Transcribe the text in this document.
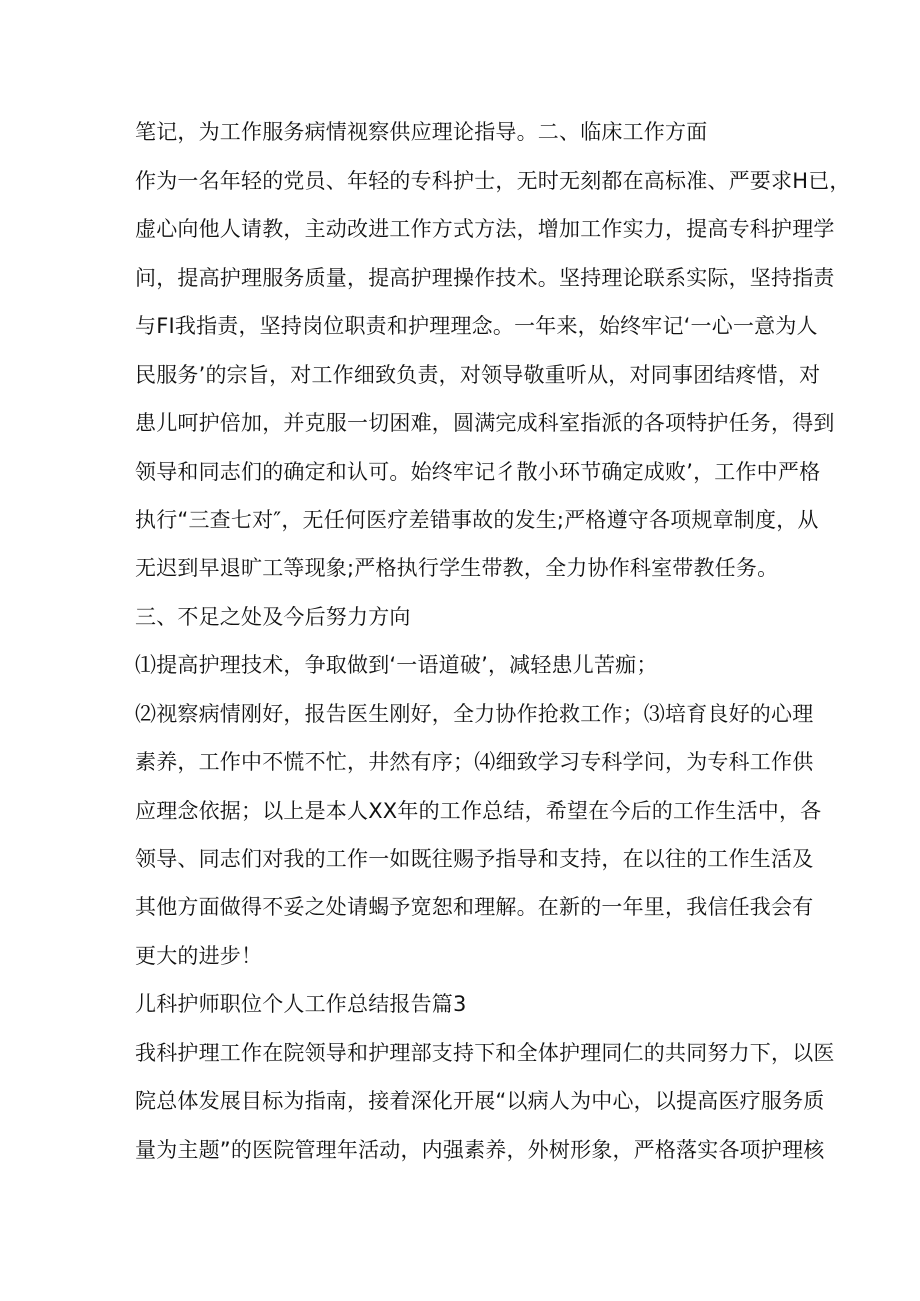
笔记，为工作服务病情视察供应理论指导。二、临床工作方面
作为一名年轻的党员、年轻的专科护士，无时无刻都在高标准、严要求H已，
虚心向他人请教，主动改进工作方式方法，增加工作实力，提高专科护理学
问，提高护理服务质量，提高护理操作技术。坚持理论联系实际，坚持指责
与FI我指责，坚持岗位职责和护理理念。一年来，始终牢记‘一心一意为人
民服务’的宗旨，对工作细致负责，对领导敬重听从，对同事团结疼惜，对
患儿呵护倍加，并克服一切困难，圆满完成科室指派的各项特护任务，得到
领导和同志们的确定和认可。始终牢记彳散小环节确定成败’，工作中严格
执行“三查七对″，无任何医疗差错事故的发生;严格遵守各项规章制度，从
无迟到早退旷工等现象;严格执行学生带教，全力协作科室带教任务。
三、不足之处及今后努力方向
⑴提高护理技术，争取做到‘一语道破’，减轻患儿苦痂；
⑵视察病情刚好，报告医生刚好，全力协作抢救工作；⑶培育良好的心理
素养，工作中不慌不忙，井然有序；⑷细致学习专科学问，为专科工作供
应理念依据；以上是本人XX年的工作总结，希望在今后的工作生活中，各
领导、同志们对我的工作一如既往赐予指导和支持，在以往的工作生活及
其他方面做得不妥之处请蝎予宽恕和理解。在新的一年里，我信任我会有
更大的进步！
儿科护师职位个人工作总结报告篇3
我科护理工作在院领导和护理部支持下和全体护理同仁的共同努力下，以医
院总体发展目标为指南，接着深化开展“以病人为中心，以提高医疗服务质
量为主题”的医院管理年活动，内强素养，外树形象，严格落实各项护理核
